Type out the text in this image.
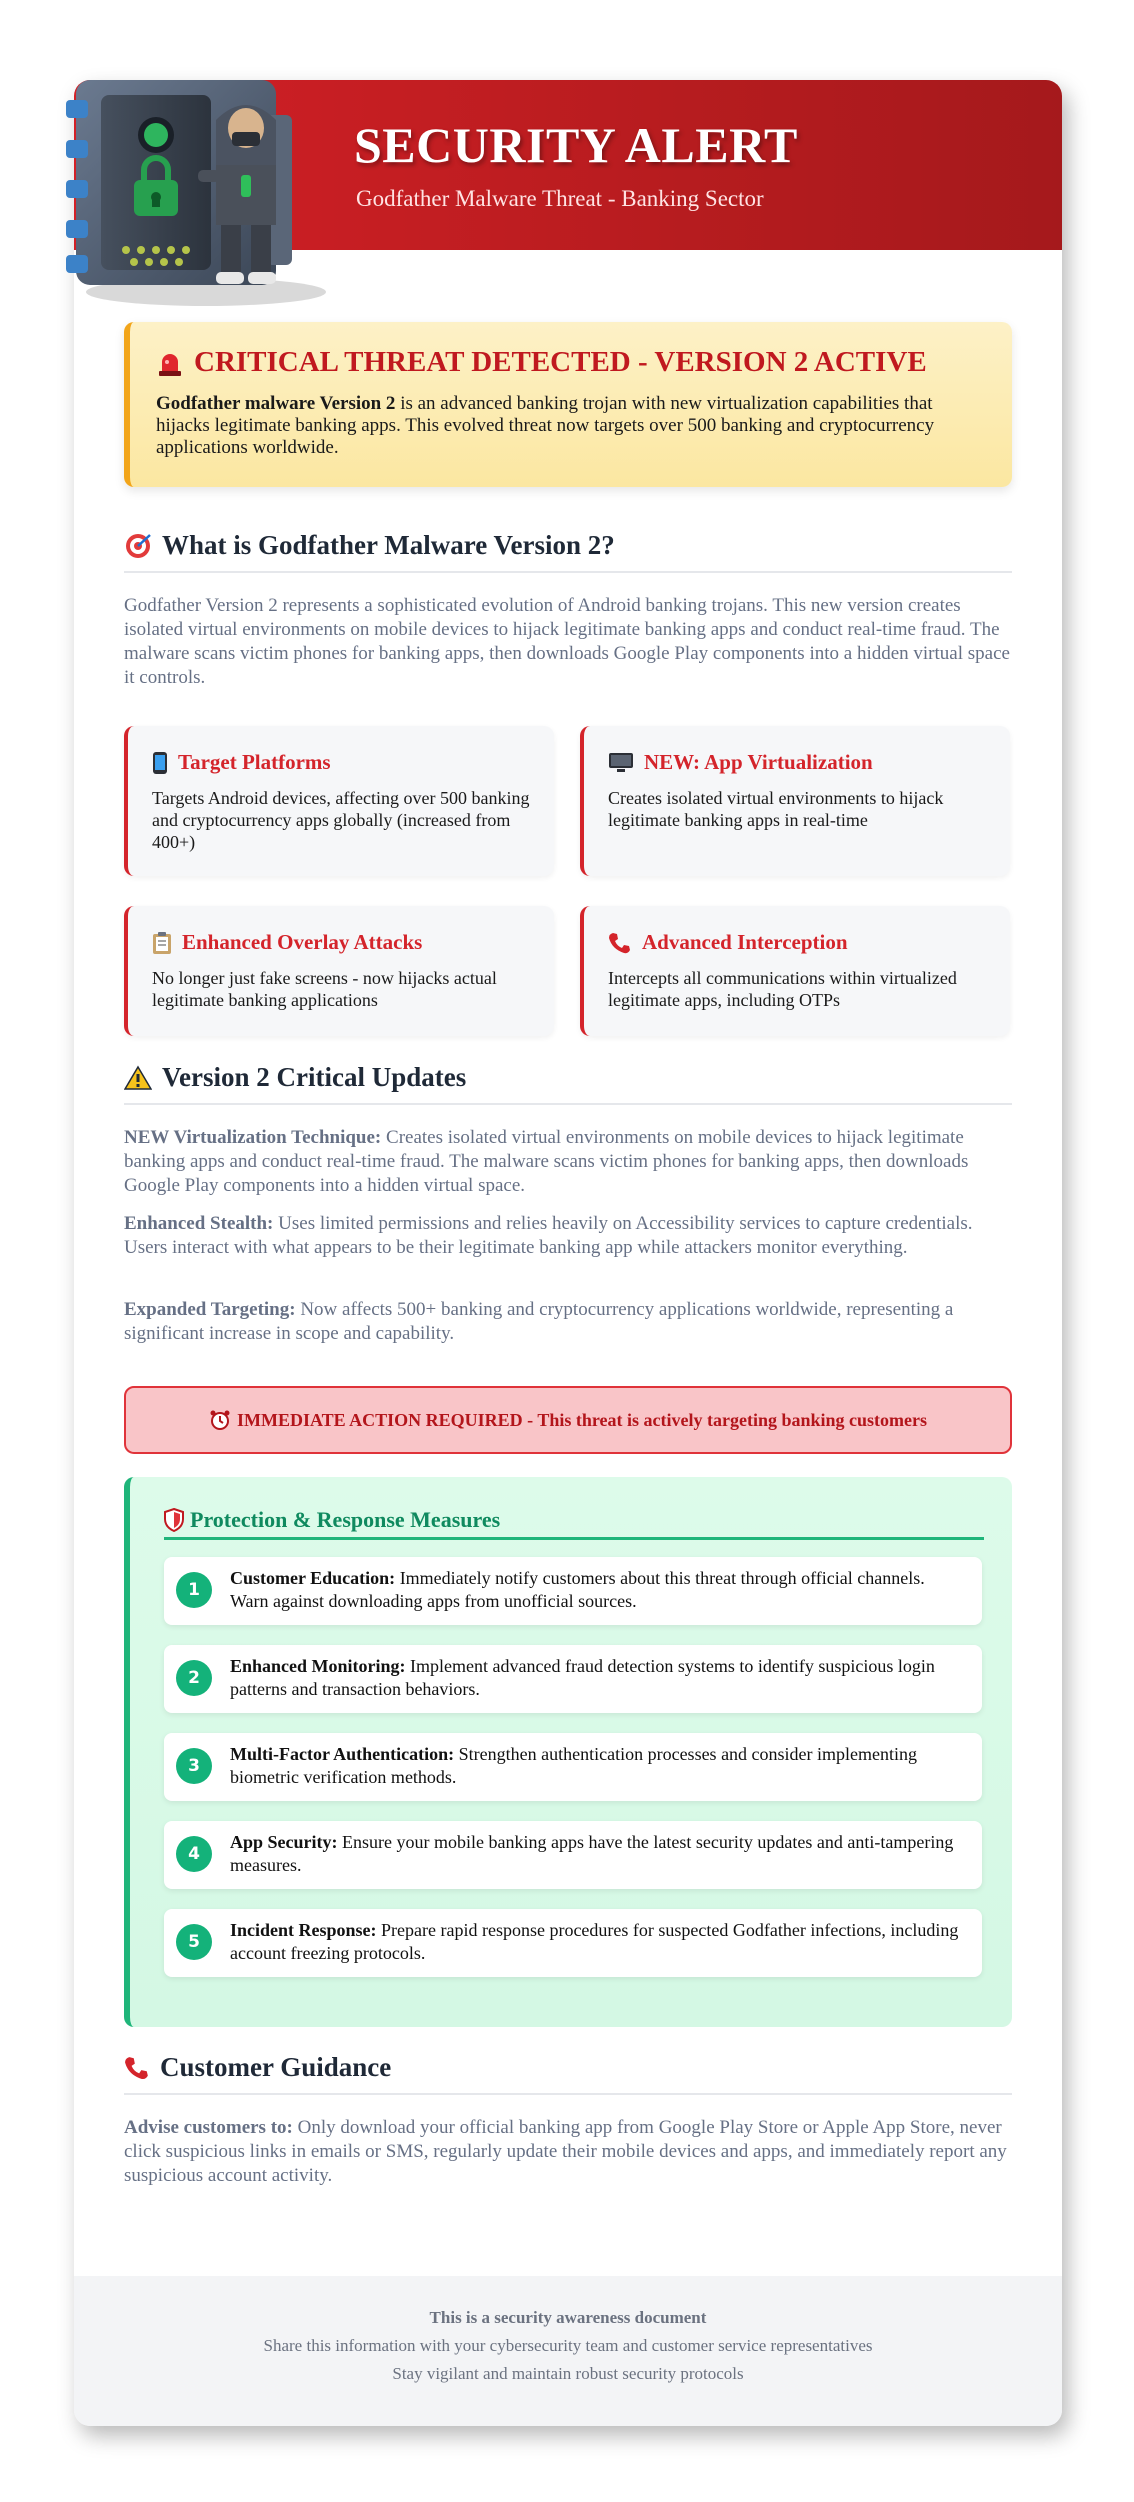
SECURITY ALERT
Godfather Malware Threat - Banking Sector
This is a security awareness document
Share this information with your cybersecurity team and customer service representatives
Stay vigilant and maintain robust security protocols
CRITICAL THREAT DETECTED - VERSION 2 ACTIVE
Godfather malware Version 2 is an advanced banking trojan with new virtualization capabilities that hijacks legitimate banking apps. This evolved threat now targets over 500 banking and cryptocurrency applications worldwide.
What is Godfather Malware Version 2?
Godfather Version 2 represents a sophisticated evolution of Android banking trojans. This new version creates isolated virtual environments on mobile devices to hijack legitimate banking apps and conduct real-time fraud. The malware scans victim phones for banking apps, then downloads Google Play components into a hidden virtual space it controls.
Target Platforms
Targets Android devices, affecting over 500 banking and cryptocurrency apps globally (increased from 400+)
NEW: App Virtualization
Creates isolated virtual environments to hijack legitimate banking apps in real-time
Enhanced Overlay Attacks
No longer just fake screens - now hijacks actual legitimate banking applications
Advanced Interception
Intercepts all communications within virtualized legitimate apps, including OTPs
Version 2 Critical Updates
NEW Virtualization Technique: Creates isolated virtual environments on mobile devices to hijack legitimate banking apps and conduct real-time fraud. The malware scans victim phones for banking apps, then downloads Google Play components into a hidden virtual space.
Enhanced Stealth: Uses limited permissions and relies heavily on Accessibility services to capture credentials. Users interact with what appears to be their legitimate banking app while attackers monitor everything.
Expanded Targeting: Now affects 500+ banking and cryptocurrency applications worldwide, representing a significant increase in scope and capability.
IMMEDIATE ACTION REQUIRED - This threat is actively targeting banking customers
Protection & Response Measures
1
Customer Education: Immediately notify customers about this threat through official channels. Warn against downloading apps from unofficial sources.
2
Enhanced Monitoring: Implement advanced fraud detection systems to identify suspicious login patterns and transaction behaviors.
3
Multi-Factor Authentication: Strengthen authentication processes and consider implementing biometric verification methods.
4
App Security: Ensure your mobile banking apps have the latest security updates and anti-tampering measures.
5
Incident Response: Prepare rapid response procedures for suspected Godfather infections, including account freezing protocols.
Customer Guidance
Advise customers to: Only download your official banking app from Google Play Store or Apple App Store, never click suspicious links in emails or SMS, regularly update their mobile devices and apps, and immediately report any suspicious account activity.
